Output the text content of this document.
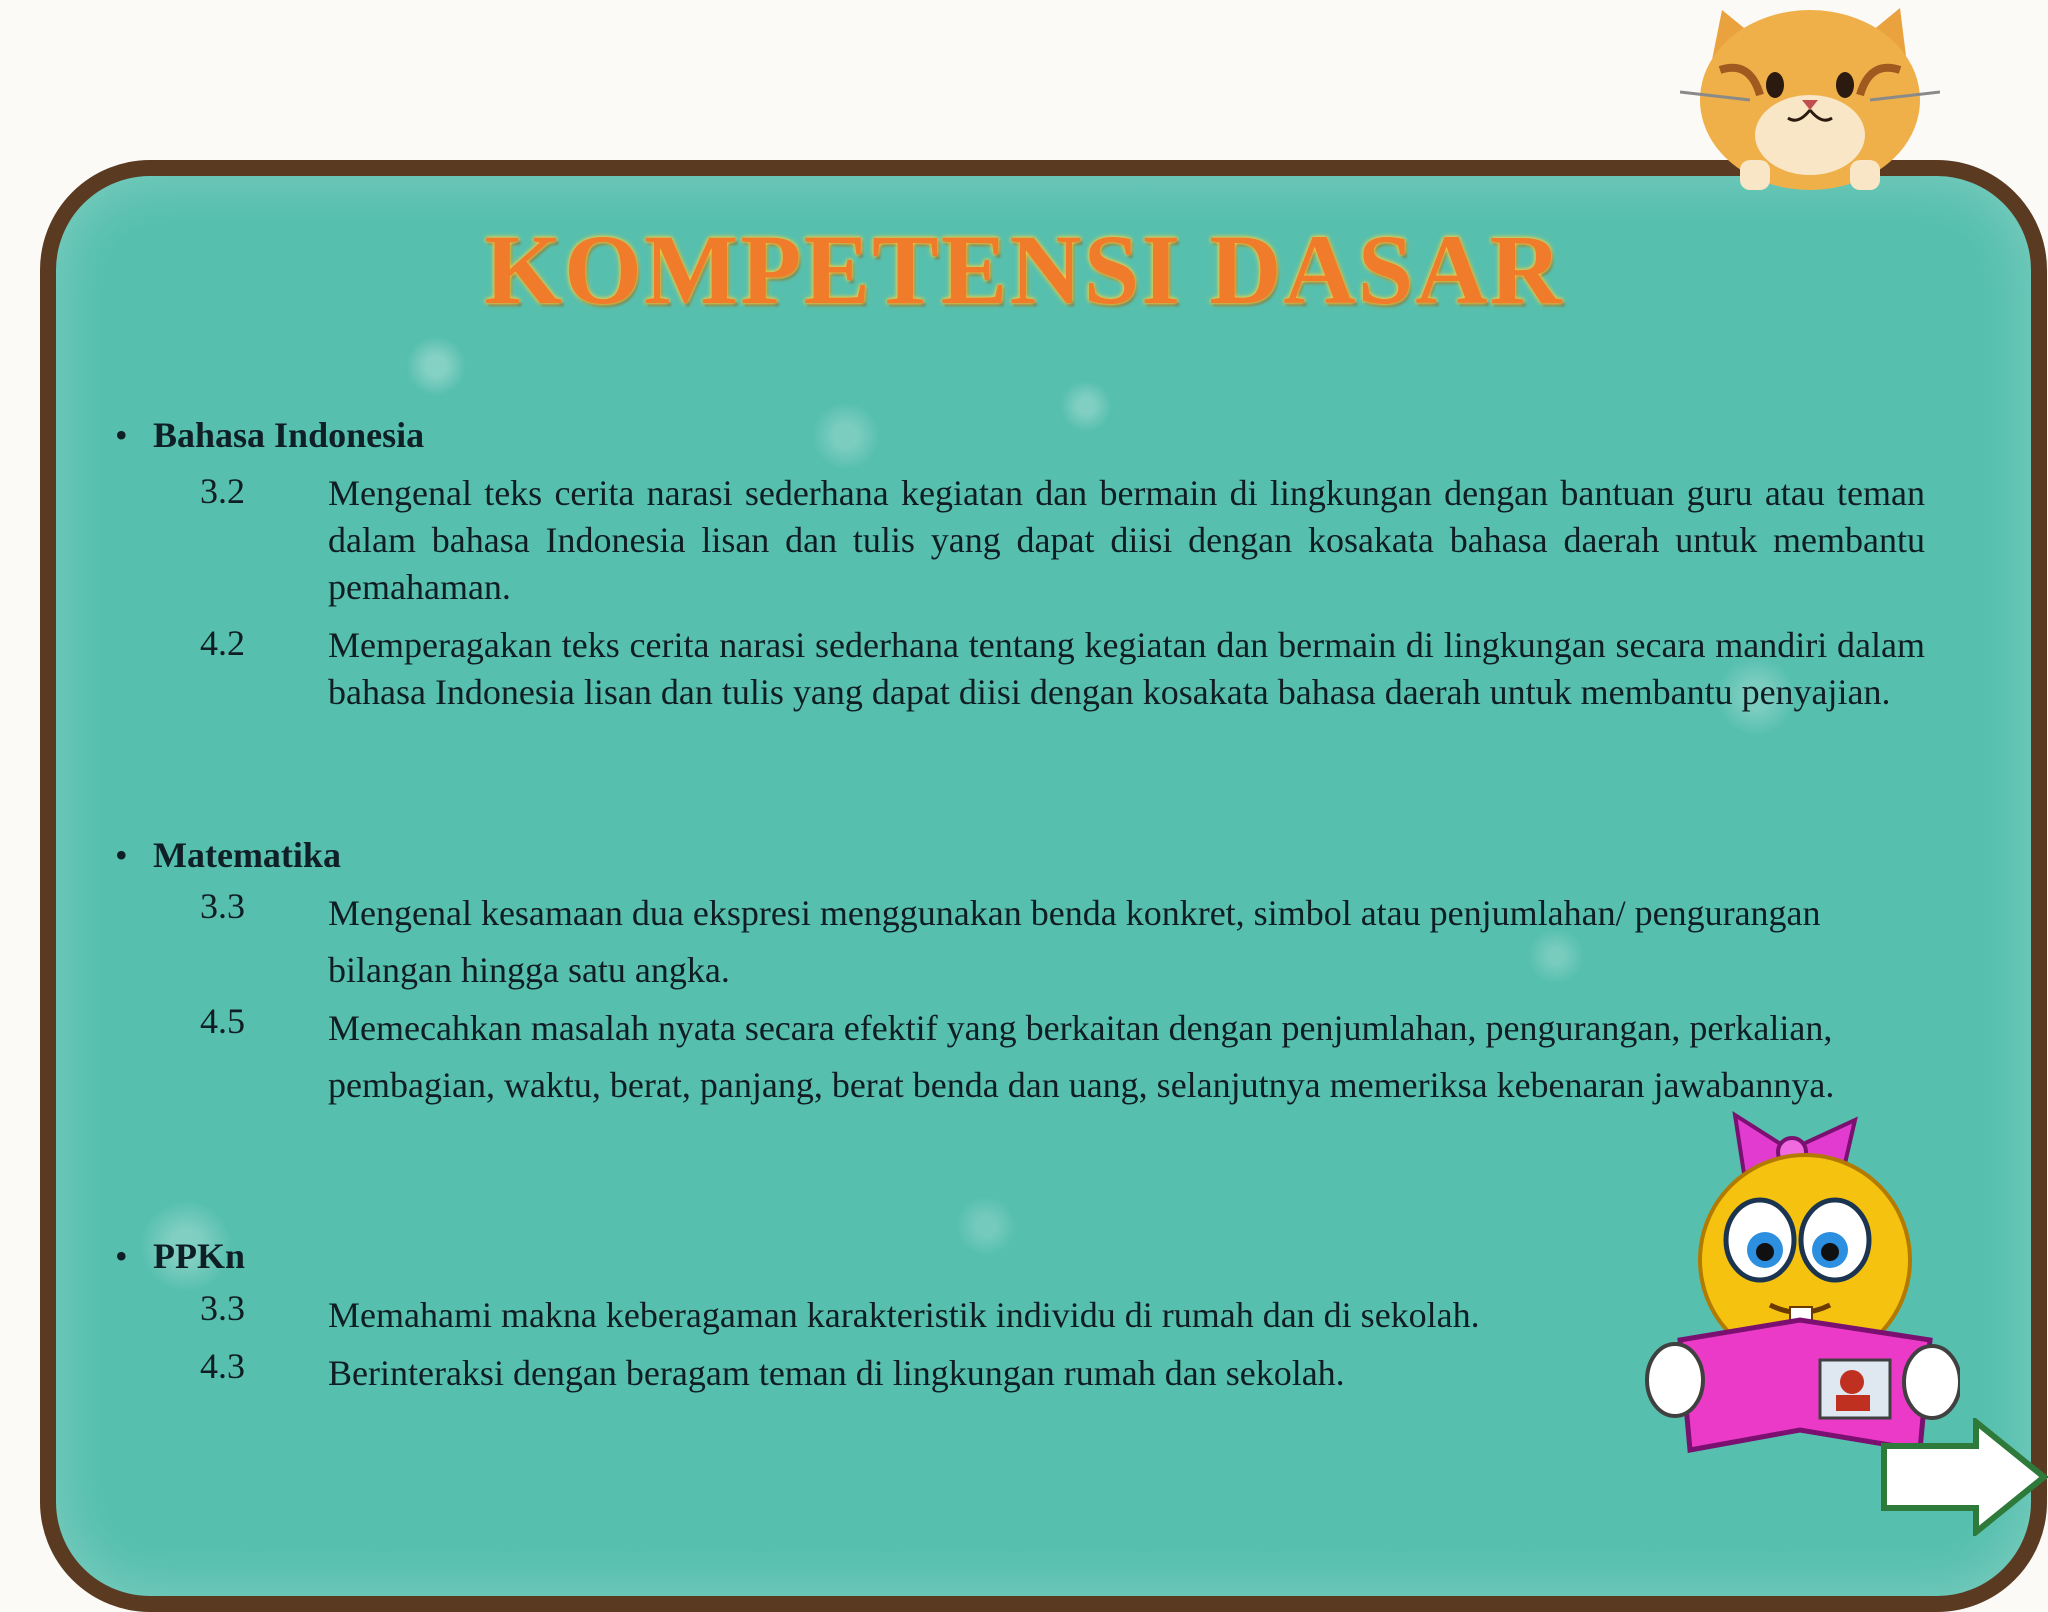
KOMPETENSI DASAR
• Bahasa Indonesia
3.2 Mengenal teks cerita narasi sederhana kegiatan dan bermain di lingkungan dengan bantuan guru atau teman dalam bahasa Indonesia lisan dan tulis yang dapat diisi dengan kosakata bahasa daerah untuk membantu pemahaman.
4.2 Memperagakan teks cerita narasi sederhana tentang kegiatan dan bermain di lingkungan secara mandiri dalam bahasa Indonesia lisan dan tulis yang dapat diisi dengan kosakata bahasa daerah untuk membantu penyajian.
• Matematika
3.3 Mengenal kesamaan dua ekspresi menggunakan benda konkret, simbol atau penjumlahan/ pengurangan bilangan hingga satu angka.
4.5 Memecahkan masalah nyata secara efektif yang berkaitan dengan penjumlahan, pengurangan, perkalian, pembagian, waktu, berat, panjang, berat benda dan uang, selanjutnya memeriksa kebenaran jawabannya.
• PPKn
3.3 Memahami makna keberagaman karakteristik individu di rumah dan di sekolah.
4.3 Berinteraksi dengan beragam teman di lingkungan rumah dan sekolah.
